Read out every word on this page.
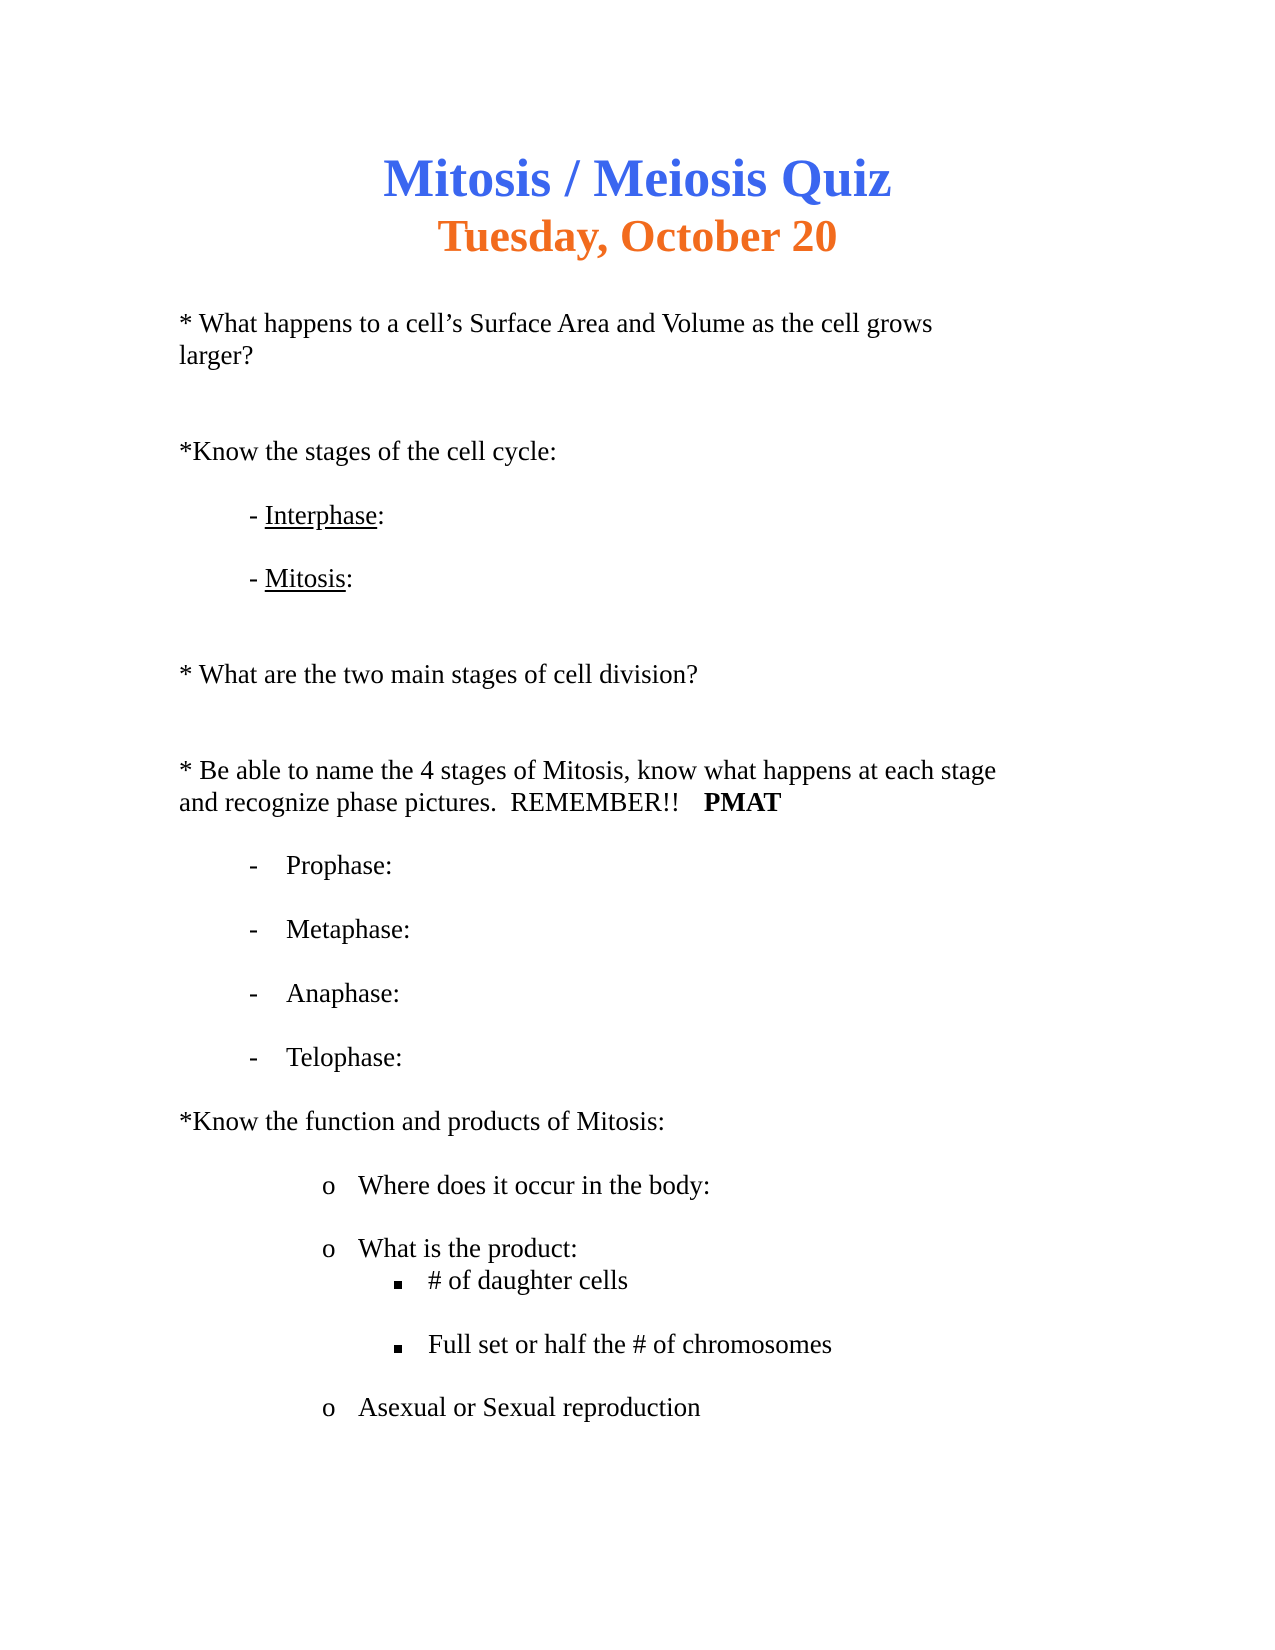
Mitosis / Meiosis Quiz
Tuesday, October 20
* What happens to a cell’s Surface Area and Volume as the cell grows
larger?
*Know the stages of the cell cycle:
- Interphase:
- Mitosis:
* What are the two main stages of cell division?
* Be able to name the 4 stages of Mitosis, know what happens at each stage
and recognize phase pictures.  REMEMBER!! PMAT
- Prophase:
- Metaphase:
- Anaphase:
- Telophase:
*Know the function and products of Mitosis:
o Where does it occur in the body:
o What is the product:
# of daughter cells
Full set or half the # of chromosomes
o Asexual or Sexual reproduction
